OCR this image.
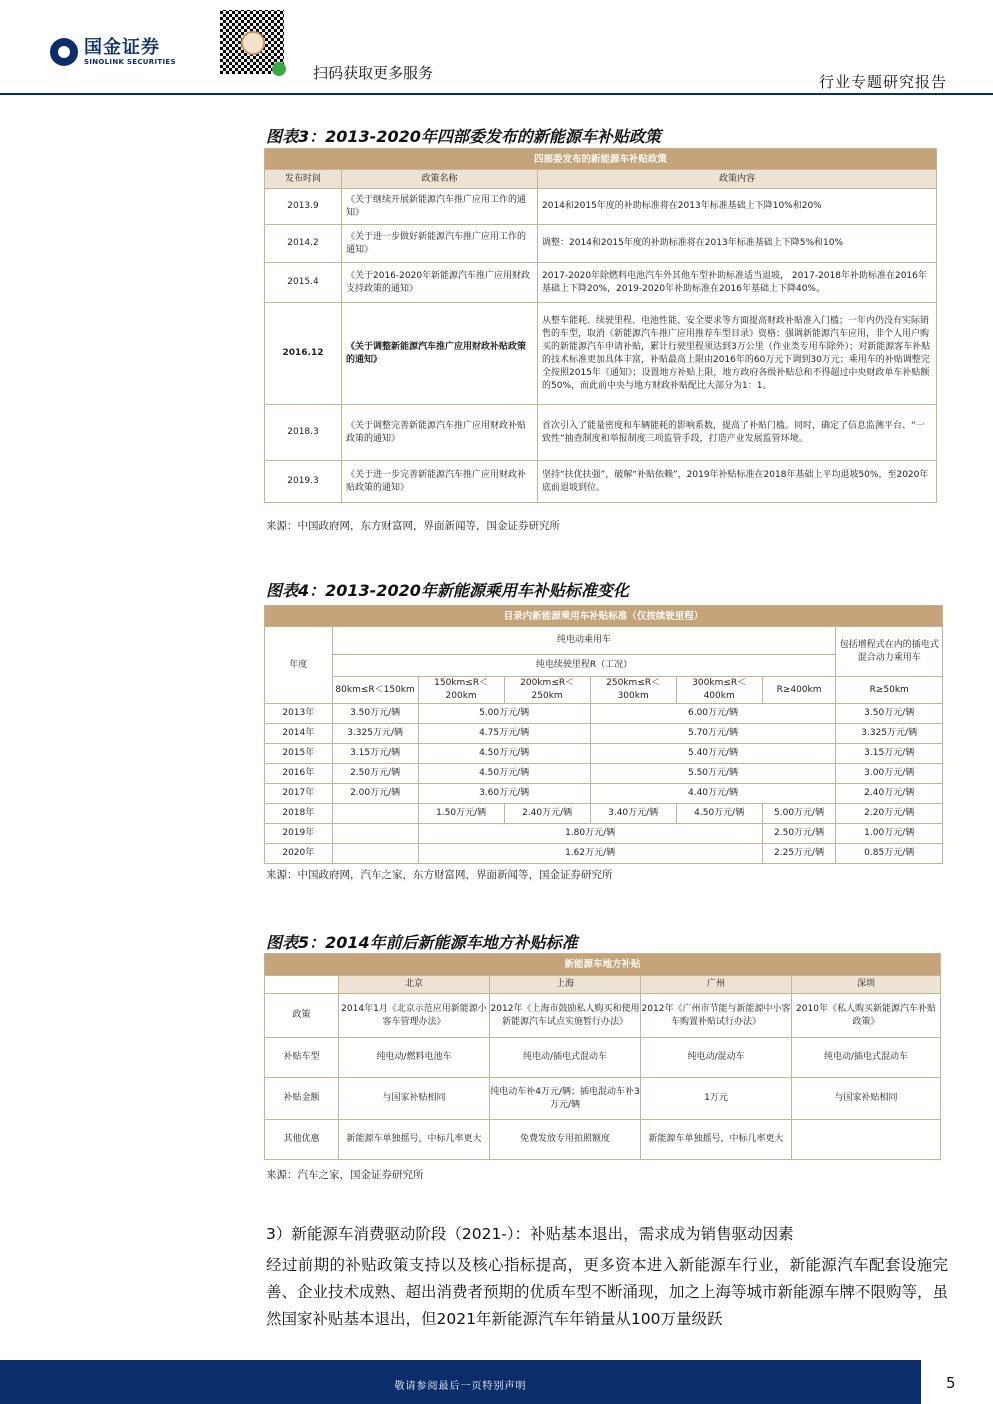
国金证券
SINOLINK SECURITIES
扫码获取更多服务	行业专题研究报告
图表3：2013-2020年四部委发布的新能源车补贴政策
四部委发布的新能源车补贴政策		
发布时间	政策名称	政策内容
2013.9	《关于继续开展新能源汽车推广应用工作的通知》	2014和2015年度的补助标准将在2013年标准基础上下降10%和20%
2014.2	《关于进一步做好新能源汽车推广应用工作的通知》	调整：2014和2015年度的补助标准将在2013年标准基础上下降5%和10%
2015.4	《关于2016-2020年新能源汽车推广应用财政支持政策的通知》	2017-2020年除燃料电池汽车外其他车型补助标准适当退坡， 2017-2018年补助标准在2016年基础上下降20%，2019-2020年补助标准在2016年基础上下降40%。
2016.12	《关于调整新能源汽车推广应用财政补贴政策的通知》	从整车能耗、续驶里程、电池性能、安全要求等方面提高财政补贴准入门槛；一年内仍没有实际销售的车型，取消《新能源汽车推广应用推荐车型目录》资格；强调新能源汽车应用，非个人用户购买的新能源汽车申请补贴，累计行驶里程须达到3万公里（作业类专用车除外）；对新能源客车补贴的技术标准更加具体丰富，补贴最高上限由2016年的60万元下调到30万元；乘用车的补贴调整完全按照2015年《通知》；设置地方补贴上限，地方政府各级补贴总和不得超过中央财政单车补贴额的50%，而此前中央与地方财政补贴配比大部分为1：1。
2018.3	《关于调整完善新能源汽车推广应用财政补贴政策的通知》	首次引入了能量密度和车辆能耗的影响系数，提高了补贴门槛。同时，确定了信息监测平台、“一致性”抽查制度和举报制度三项监管手段，打造产业发展监管环境。
2019.3	《关于进一步完善新能源汽车推广应用财政补贴政策的通知》	坚持“扶优扶强”，破解“补贴依赖”，2019年补贴标准在2018年基础上平均退坡50%，至2020年底前退坡到位。
来源：中国政府网，东方财富网，界面新闻等，国金证券研究所
图表4：2013-2020年新能源乘用车补贴标准变化
目录内新能源乘用车补贴标准（仅按续驶里程）							
年度	纯电动乘用车						包括增程式在内的插电式混合动力乘用车
	纯电续驶里程R（工况）						
	80km≤R＜150km	150km≤R＜200km	200km≤R＜250km	250km≤R＜300km	300km≤R＜400km	R≥400km	R≥50km
2013年	3.50万元/辆	5.00万元/辆		6.00万元/辆			3.50万元/辆
2014年	3.325万元/辆	4.75万元/辆		5.70万元/辆			3.325万元/辆
2015年	3.15万元/辆	4.50万元/辆		5.40万元/辆			3.15万元/辆
2016年	2.50万元/辆	4.50万元/辆		5.50万元/辆			3.00万元/辆
2017年	2.00万元/辆	3.60万元/辆		4.40万元/辆			2.40万元/辆
2018年		1.50万元/辆	2.40万元/辆	3.40万元/辆	4.50万元/辆	5.00万元/辆	2.20万元/辆
2019年		1.80万元/辆				2.50万元/辆	1.00万元/辆
2020年		1.62万元/辆				2.25万元/辆	0.85万元/辆
来源：中国政府网，汽车之家，东方财富网，界面新闻等，国金证券研究所
图表5：2014年前后新能源车地方补贴标准
新能源车地方补贴				
	北京	上海	广州	深圳
政策	2014年1月《北京示范应用新能源小客车管理办法》	2012年《上海市鼓励私人购买和使用新能源汽车试点实施暂行办法》	2012年《广州市节能与新能源中小客车购置补贴试行办法》	2010年《私人购买新能源汽车补贴政策》
补贴车型	纯电动/燃料电池车	纯电动/插电式混动车	纯电动/混动车	纯电动/插电式混动车
补贴金额	与国家补贴相同	纯电动车补4万元/辆；插电混动车补3万元/辆	1万元	与国家补贴相同
其他优惠	新能源车单独摇号，中标几率更大	免费发放专用拍照额度	新能源车单独摇号，中标几率更大	
来源：汽车之家，国金证券研究所
3）新能源车消费驱动阶段（2021-）：补贴基本退出，需求成为销售驱动因素
经过前期的补贴政策支持以及核心指标提高，更多资本进入新能源车行业，新能源汽车配套设施完善、企业技术成熟、超出消费者预期的优质车型不断涌现，加之上海等城市新能源车牌不限购等，虽然国家补贴基本退出，但2021年新能源汽车年销量从100万量级跃
敬请参阅最后一页特别声明	5
